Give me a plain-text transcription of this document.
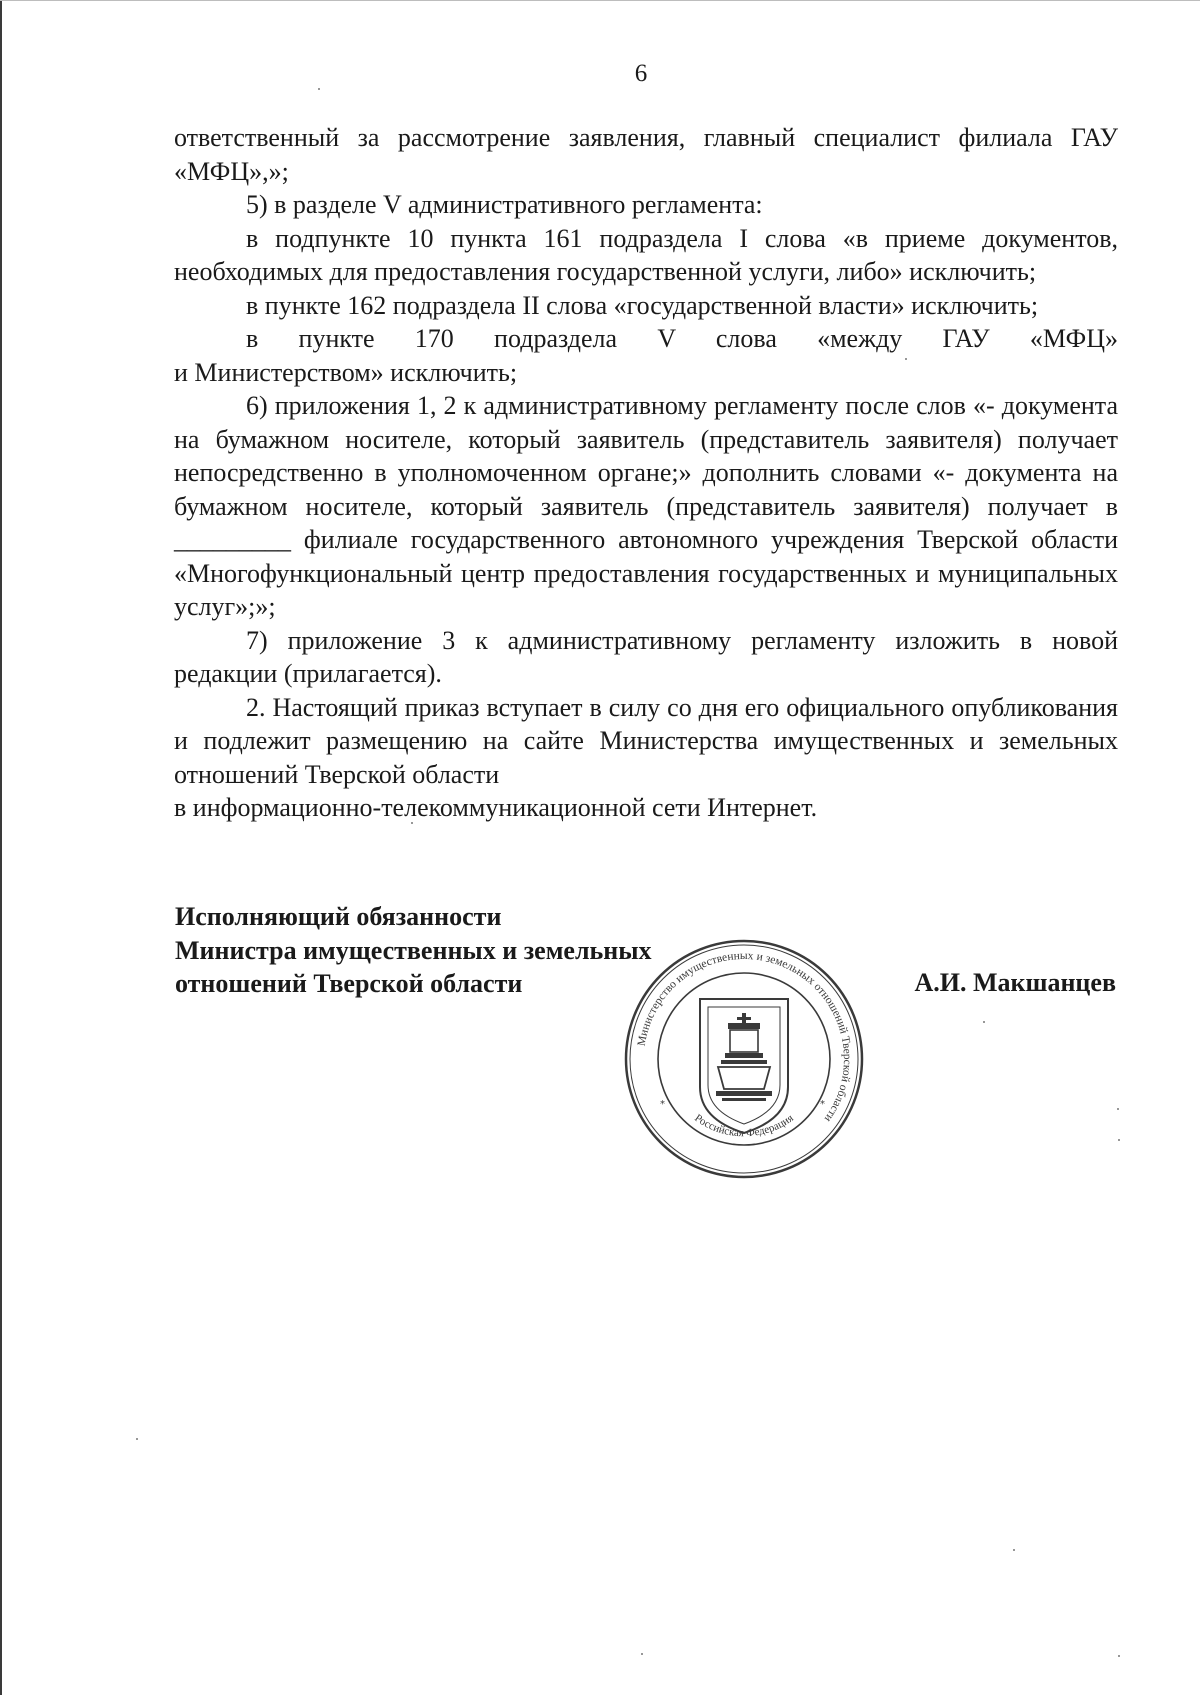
6

ответственный за рассмотрение заявления, главный специалист филиала ГАУ «МФЦ»,»;

5) в разделе V административного регламента:

в подпункте 10 пункта 161 подраздела I слова «в приеме документов, необходимых для предоставления государственной услуги, либо» исключить;

в пункте 162 подраздела II слова «государственной власти» исключить;

в пункте 170 подраздела V слова «между ГАУ «МФЦ»

и Министерством» исключить;

6) приложения 1, 2 к административному регламенту после слов «- документа на бумажном носителе, который заявитель (представитель заявителя) получает непосредственно в уполномоченном органе;» дополнить словами «- документа на бумажном носителе, который заявитель (представитель заявителя) получает в _________ филиале государственного автономного учреждения Тверской области «Многофункциональный центр предоставления государственных и муниципальных услуг»;»;

7) приложение 3 к административному регламенту изложить в новой редакции (прилагается).

2. Настоящий приказ вступает в силу со дня его официального опубликования и подлежит размещению на сайте Министерства имущественных и земельных отношений Тверской области

в информационно-телекоммуникационной сети Интернет.

Исполняющий обязанности
Министра имущественных и земельных
отношений Тверской области	А.И. Макшанцев
Министерство имущественных и земельных отношений Тверской области
Российская Федерация
*	*
